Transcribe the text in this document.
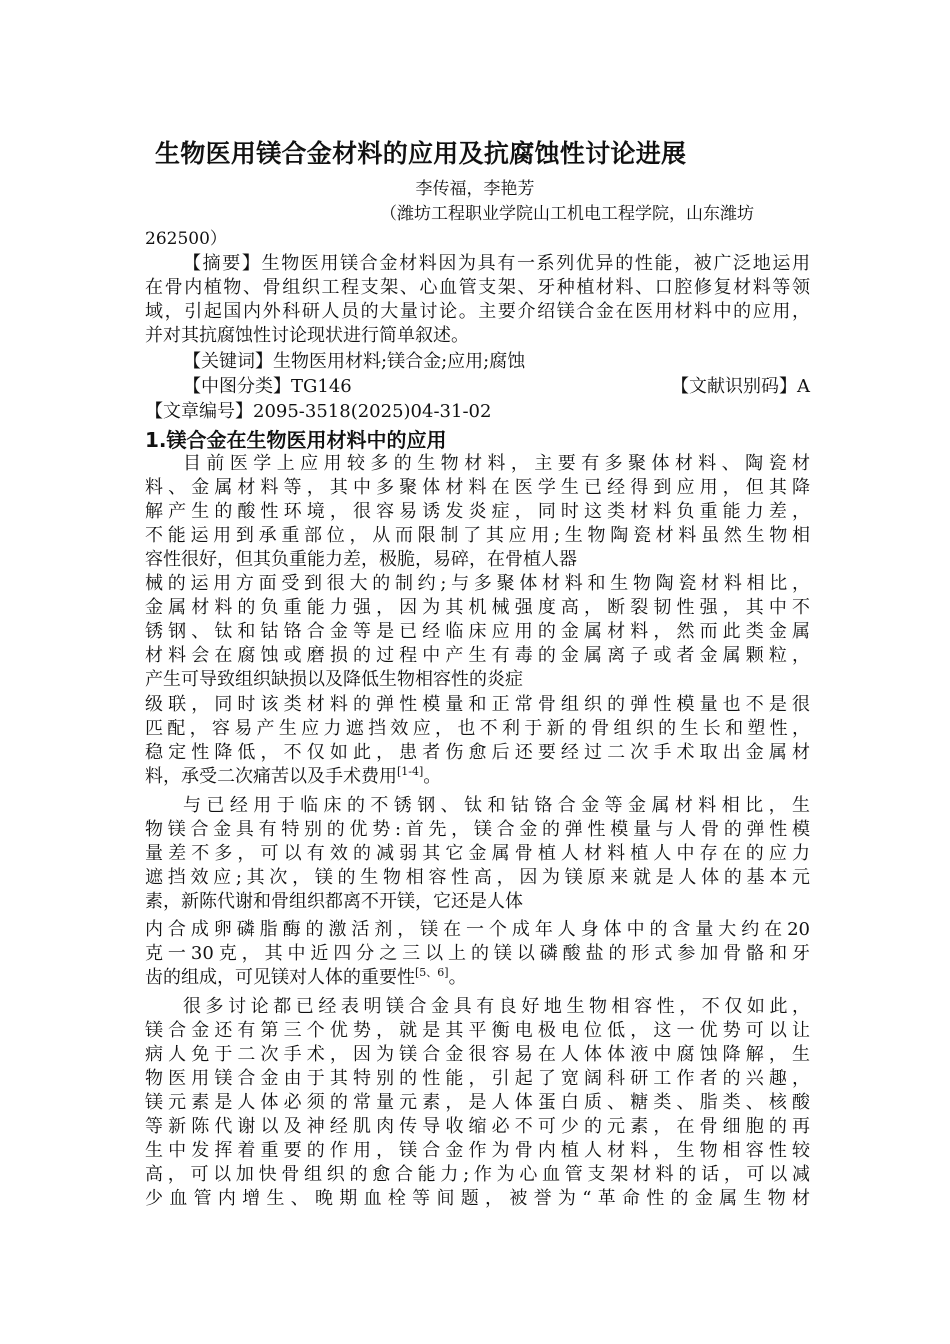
生物医用镁合金材料的应用及抗腐蚀性讨论进展
李传福，李艳芳
（潍坊工程职业学院山工机电工程学院，山东潍坊
262500）
【摘要】生物医用镁合金材料因为具有一系列优异的性能，被广泛地运用
在骨内植物、骨组织工程支架、心血管支架、牙种植材料、口腔修复材料等领
域，引起国内外科研人员的大量讨论。主要介绍镁合金在医用材料中的应用，
并对其抗腐蚀性讨论现状进行简单叙述。
【关键词】生物医用材料;镁合金;应用;腐蚀
【中图分类】TG146	【文献识别码】A
【文章编号】2095-3518(2025)04-31-02
1.镁合金在生物医用材料中的应用
目前医学上应用较多的生物材料，主要有多聚体材料、陶瓷材
料、金属材料等，其中多聚体材料在医学生已经得到应用，但其降
解产生的酸性环境，很容易诱发炎症，同时这类材料负重能力差，
不能运用到承重部位，从而限制了其应用;生物陶瓷材料虽然生物相
容性很好，但其负重能力差，极脆，易碎，在骨植人器
械的运用方面受到很大的制约;与多聚体材料和生物陶瓷材料相比，
金属材料的负重能力强，因为其机械强度高，断裂韧性强，其中不
锈钢、钛和钴铬合金等是已经临床应用的金属材料，然而此类金属
材料会在腐蚀或磨损的过程中产生有毒的金属离子或者金属颗粒，
产生可导致组织缺损以及降低生物相容性的炎症
级联，同时该类材料的弹性模量和正常骨组织的弹性模量也不是很
匹配，容易产生应力遮挡效应，也不利于新的骨组织的生长和塑性，
稳定性降低，不仅如此，患者伤愈后还要经过二次手术取出金属材
料，承受二次痛苦以及手术费用[1-4]。
与已经用于临床的不锈钢、钛和钴铬合金等金属材料相比，生
物镁合金具有特别的优势:首先，镁合金的弹性模量与人骨的弹性模
量差不多，可以有效的减弱其它金属骨植人材料植人中存在的应力
遮挡效应;其次，镁的生物相容性高，因为镁原来就是人体的基本元
素，新陈代谢和骨组织都离不开镁，它还是人体
内合成卵磷脂酶的激活剂，镁在一个成年人身体中的含量大约在20
克一30克，其中近四分之三以上的镁以磷酸盐的形式参加骨骼和牙
齿的组成，可见镁对人体的重要性[5、6]。
很多讨论都已经表明镁合金具有良好地生物相容性，不仅如此，
镁合金还有第三个优势，就是其平衡电极电位低，这一优势可以让
病人免于二次手术，因为镁合金很容易在人体体液中腐蚀降解，生
物医用镁合金由于其特别的性能，引起了宽阔科研工作者的兴趣，
镁元素是人体必须的常量元素，是人体蛋白质、糖类、脂类、核酸
等新陈代谢以及神经肌肉传导收缩必不可少的元素，在骨细胞的再
生中发挥着重要的作用，镁合金作为骨内植人材料，生物相容性较
高，可以加快骨组织的愈合能力;作为心血管支架材料的话，可以减
少血管内增生、晚期血栓等间题，被誉为“革命性的金属生物材
